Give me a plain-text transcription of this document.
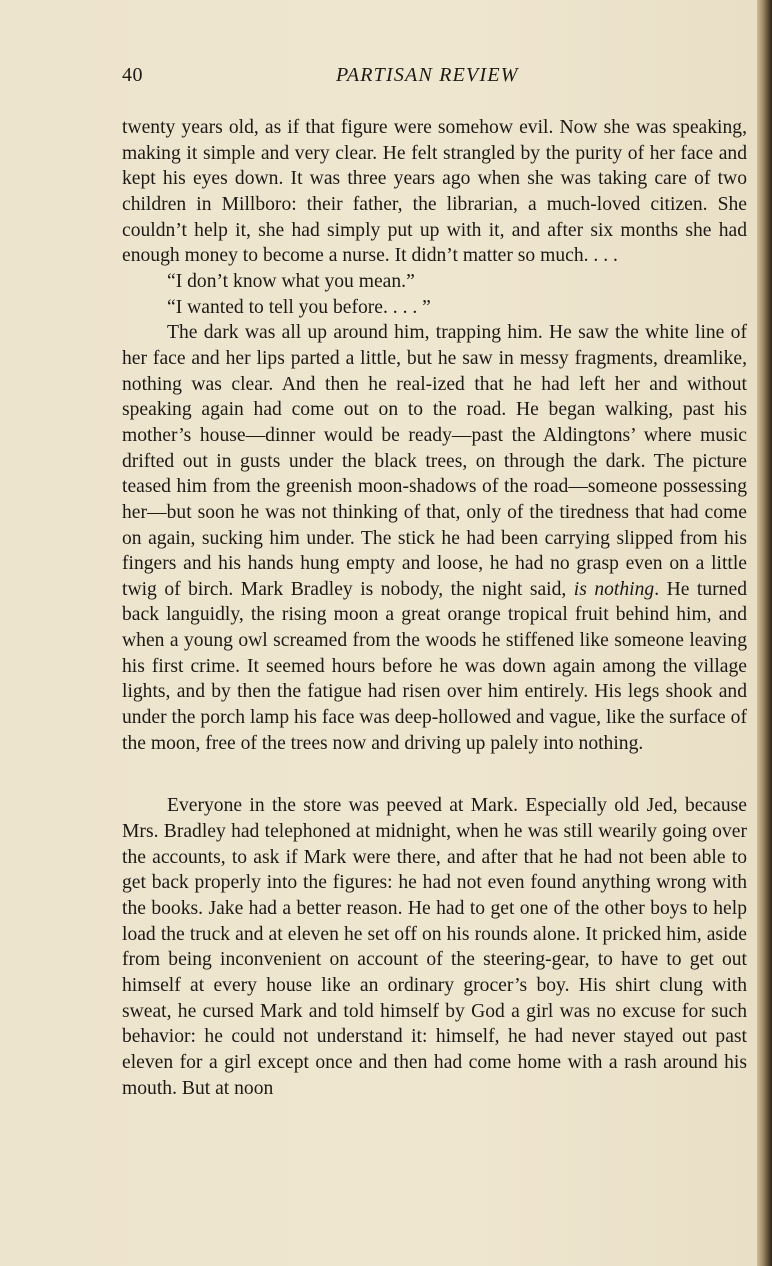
40	PARTISAN REVIEW

twenty years old, as if that figure were somehow evil. Now she was speaking, making it simple and very clear. He felt strangled by the purity of her face and kept his eyes down. It was three years ago when she was taking care of two children in Millboro: their father, the librarian, a much-loved citizen. She couldn’t help it, she had simply put up with it, and after six months she had enough money to become a nurse. It didn’t matter so much. . . .

“I don’t know what you mean.”

“I wanted to tell you before. . . . ”

The dark was all up around him, trapping him. He saw the white line of her face and her lips parted a little, but he saw in messy fragments, dreamlike, nothing was clear. And then he real-ized that he had left her and without speaking again had come out on to the road. He began walking, past his mother’s house—dinner would be ready—past the Aldingtons’ where music drifted out in gusts under the black trees, on through the dark. The picture teased him from the greenish moon-shadows of the road—someone possessing her—but soon he was not thinking of that, only of the tiredness that had come on again, sucking him under. The stick he had been carrying slipped from his fingers and his hands hung empty and loose, he had no grasp even on a little twig of birch. Mark Bradley is nobody, the night said, is nothing. He turned back languidly, the rising moon a great orange tropical fruit behind him, and when a young owl screamed from the woods he stiffened like someone leaving his first crime. It seemed hours before he was down again among the village lights, and by then the fatigue had risen over him entirely. His legs shook and under the porch lamp his face was deep-hollowed and vague, like the surface of the moon, free of the trees now and driving up palely into nothing.

Everyone in the store was peeved at Mark. Especially old Jed, because Mrs. Bradley had telephoned at midnight, when he was still wearily going over the accounts, to ask if Mark were there, and after that he had not been able to get back properly into the figures: he had not even found anything wrong with the books. Jake had a better reason. He had to get one of the other boys to help load the truck and at eleven he set off on his rounds alone. It pricked him, aside from being inconvenient on account of the steering-gear, to have to get out himself at every house like an ordinary grocer’s boy. His shirt clung with sweat, he cursed Mark and told himself by God a girl was no excuse for such behavior: he could not understand it: himself, he had never stayed out past eleven for a girl except once and then had come home with a rash around his mouth. But at noon
